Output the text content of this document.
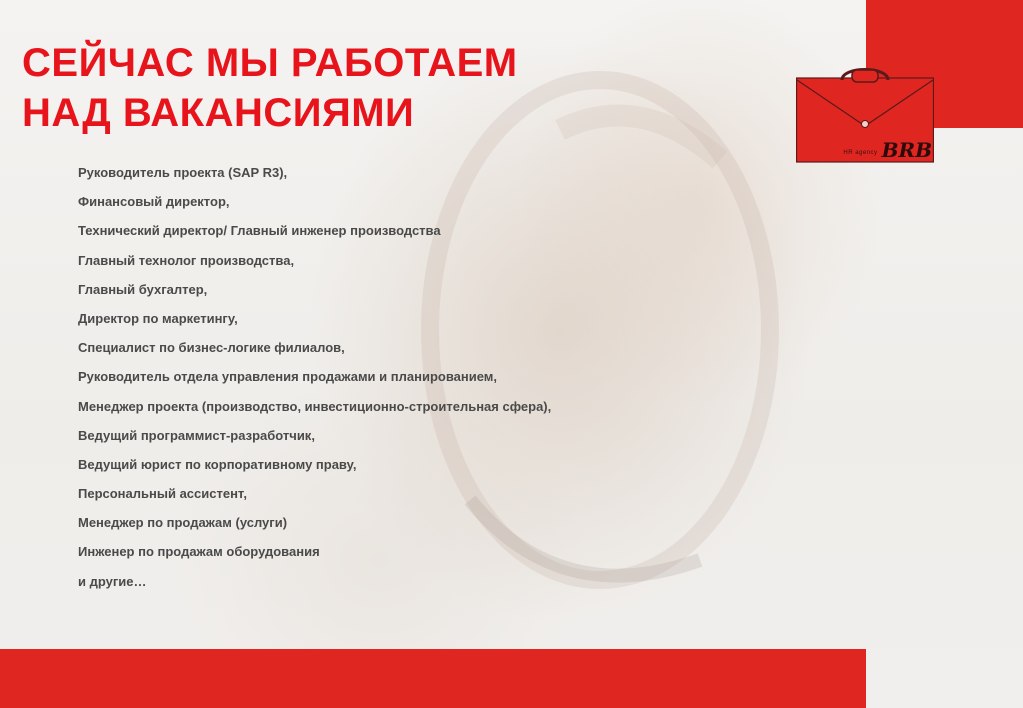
СЕЙЧАС МЫ РАБОТАЕМ
НАД ВАКАНСИЯМИ
HR agency BRB
Руководитель проекта (SAP R3),
Финансовый директор,
Технический директор/ Главный инженер производства
Главный технолог производства,
Главный бухгалтер,
Директор по маркетингу,
Специалист по бизнес-логике филиалов,
Руководитель отдела управления продажами и планированием,
Менеджер проекта (производство, инвестиционно-строительная сфера),
Ведущий программист-разработчик,
Ведущий юрист по корпоративному праву,
Персональный ассистент,
Менеджер по продажам (услуги)
Инженер по продажам оборудования
и другие…
